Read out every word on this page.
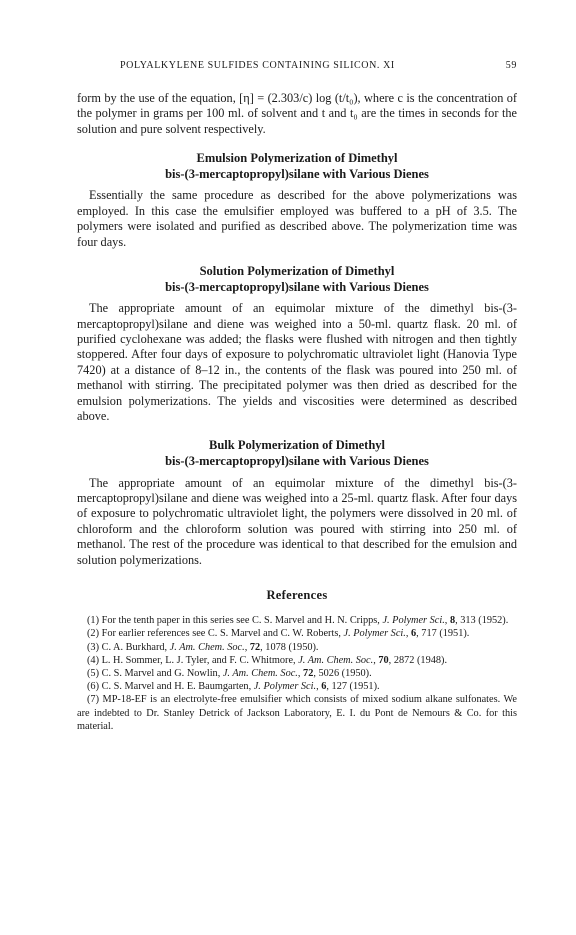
POLYALKYLENE SULFIDES CONTAINING SILICON. XI	59

form by the use of the equation, [η] = (2.303/c) log (t/t₀), where c is the concentration of the polymer in grams per 100 ml. of solvent and t and t₀ are the times in seconds for the solution and pure solvent respectively.

Emulsion Polymerization of Dimethyl
bis-(3-mercaptopropyl)silane with Various Dienes

Essentially the same procedure as described for the above polymerizations was employed. In this case the emulsifier employed was buffered to a pH of 3.5. The polymers were isolated and purified as described above. The polymerization time was four days.

Solution Polymerization of Dimethyl
bis-(3-mercaptopropyl)silane with Various Dienes

The appropriate amount of an equimolar mixture of the dimethyl bis-(3-mercaptopropyl)silane and diene was weighed into a 50-ml. quartz flask. 20 ml. of purified cyclohexane was added; the flasks were flushed with nitrogen and then tightly stoppered. After four days of exposure to polychromatic ultraviolet light (Hanovia Type 7420) at a distance of 8–12 in., the contents of the flask was poured into 250 ml. of methanol with stirring. The precipitated polymer was then dried as described for the emulsion polymerizations. The yields and viscosities were determined as described above.

Bulk Polymerization of Dimethyl
bis-(3-mercaptopropyl)silane with Various Dienes

The appropriate amount of an equimolar mixture of the dimethyl bis-(3-mercaptopropyl)silane and diene was weighed into a 25-ml. quartz flask. After four days of exposure to polychromatic ultraviolet light, the polymers were dissolved in 20 ml. of chloroform and the chloroform solution was poured with stirring into 250 ml. of methanol. The rest of the procedure was identical to that described for the emulsion and solution polymerizations.

References
(1) For the tenth paper in this series see C. S. Marvel and H. N. Cripps, J. Polymer Sci., 8, 313 (1952).
(2) For earlier references see C. S. Marvel and C. W. Roberts, J. Polymer Sci., 6, 717 (1951).
(3) C. A. Burkhard, J. Am. Chem. Soc., 72, 1078 (1950).
(4) L. H. Sommer, L. J. Tyler, and F. C. Whitmore, J. Am. Chem. Soc., 70, 2872 (1948).
(5) C. S. Marvel and G. Nowlin, J. Am. Chem. Soc., 72, 5026 (1950).
(6) C. S. Marvel and H. E. Baumgarten, J. Polymer Sci., 6, 127 (1951).
(7) MP-18-EF is an electrolyte-free emulsifier which consists of mixed sodium alkane sulfonates. We are indebted to Dr. Stanley Detrick of Jackson Laboratory, E. I. du Pont de Nemours & Co. for this material.
